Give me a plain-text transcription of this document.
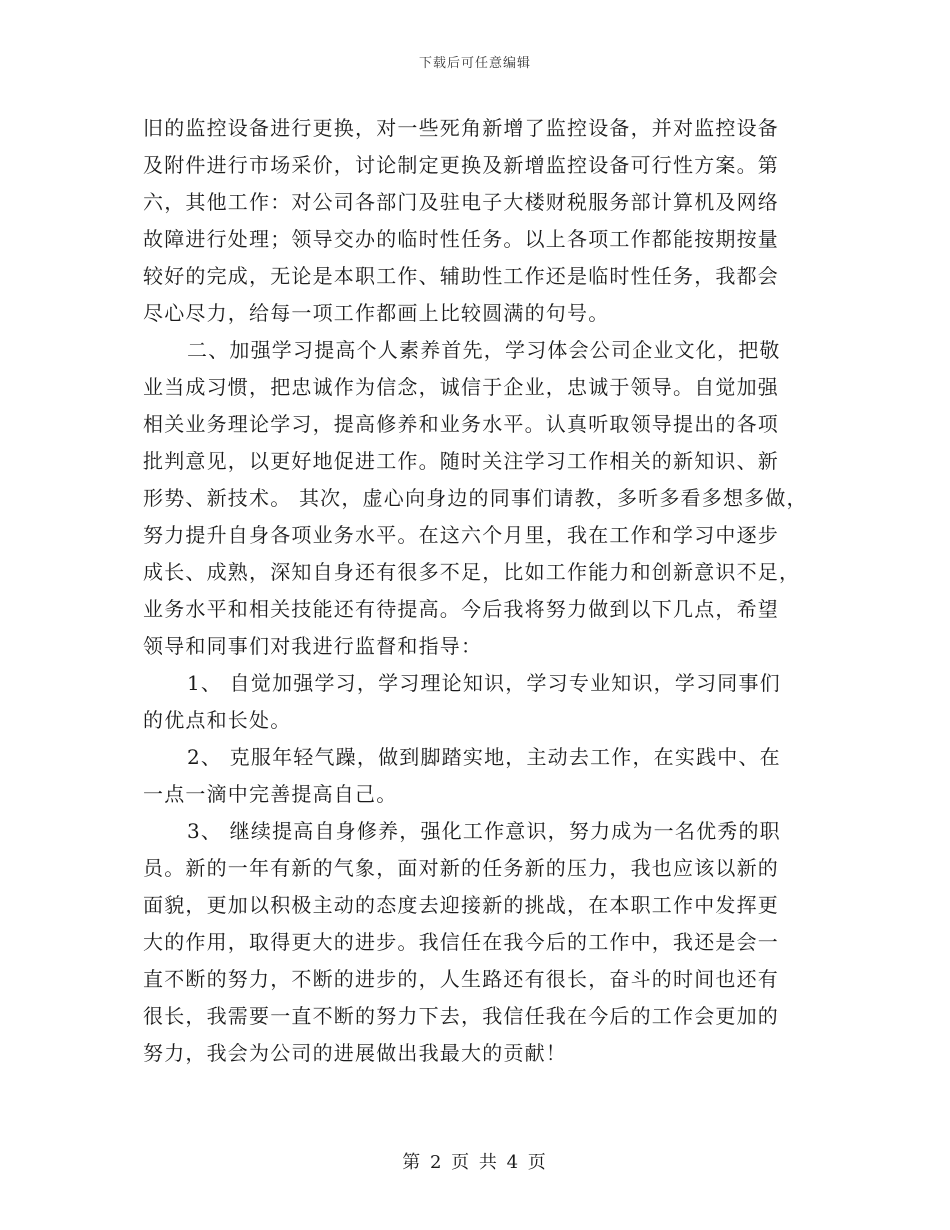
下载后可任意编辑
旧的监控设备进行更换，对一些死角新增了监控设备，并对监控设备
及附件进行市场采价，讨论制定更换及新增监控设备可行性方案。第
六，其他工作：对公司各部门及驻电子大楼财税服务部计算机及网络
故障进行处理；领导交办的临时性任务。以上各项工作都能按期按量
较好的完成，无论是本职工作、辅助性工作还是临时性任务，我都会
尽心尽力，给每一项工作都画上比较圆满的句号。
二、加强学习提高个人素养首先，学习体会公司企业文化，把敬
业当成习惯，把忠诚作为信念，诚信于企业，忠诚于领导。自觉加强
相关业务理论学习，提高修养和业务水平。认真听取领导提出的各项
批判意见，以更好地促进工作。随时关注学习工作相关的新知识、新
形势、新技术。 其次，虚心向身边的同事们请教，多听多看多想多做，
努力提升自身各项业务水平。在这六个月里，我在工作和学习中逐步
成长、成熟，深知自身还有很多不足，比如工作能力和创新意识不足，
业务水平和相关技能还有待提高。今后我将努力做到以下几点，希望
领导和同事们对我进行监督和指导：
1、 自觉加强学习，学习理论知识，学习专业知识，学习同事们
的优点和长处。
2、 克服年轻气躁，做到脚踏实地，主动去工作，在实践中、在
一点一滴中完善提高自己。
3、 继续提高自身修养，强化工作意识，努力成为一名优秀的职
员。新的一年有新的气象，面对新的任务新的压力，我也应该以新的
面貌，更加以积极主动的态度去迎接新的挑战，在本职工作中发挥更
大的作用，取得更大的进步。我信任在我今后的工作中，我还是会一
直不断的努力，不断的进步的，人生路还有很长，奋斗的时间也还有
很长，我需要一直不断的努力下去，我信任我在今后的工作会更加的
努力，我会为公司的进展做出我最大的贡献！
第 2 页 共 4 页
